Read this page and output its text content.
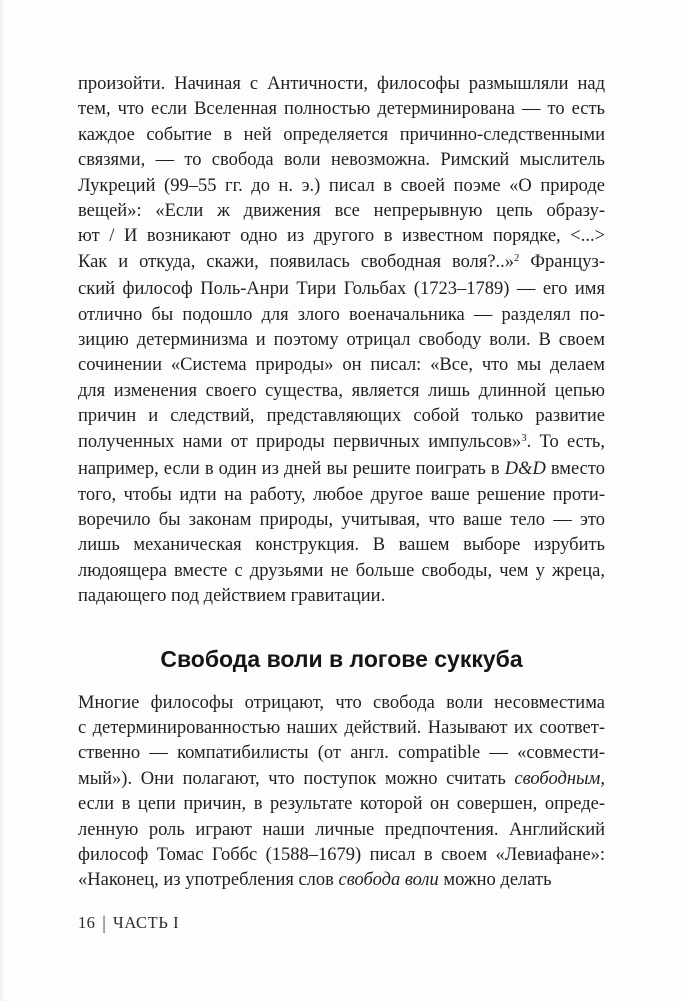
произойти. Начиная с Античности, философы размышляли над
тем, что если Вселенная полностью детерминирована — то есть
каждое событие в ней определяется причинно-следственными
связями, — то свобода воли невозможна. Римский мыслитель
Лукреций (99–55 гг. до н. э.) писал в своей поэме «О природе
вещей»: «Если ж движения все непрерывную цепь образу-
ют / И возникают одно из другого в известном порядке, <...>
Как и откуда, скажи, появилась свободная воля?..»$^2$ Француз-
ский философ Поль-Анри Тири Гольбах (1723–1789) — его имя
отлично бы подошло для злого военачальника — разделял по-
зицию детерминизма и поэтому отрицал свободу воли. В своем
сочинении «Система природы» он писал: «Все, что мы делаем
для изменения своего существа, является лишь длинной цепью
причин и следствий, представляющих собой только развитие
полученных нами от природы первичных импульсов»$^3$. То есть,
например, если в один из дней вы решите поиграть в D&D вместо
того, чтобы идти на работу, любое другое ваше решение проти-
воречило бы законам природы, учитывая, что ваше тело — это
лишь механическая конструкция. В вашем выборе изрубить
людоящера вместе с друзьями не больше свободы, чем у жреца,
падающего под действием гравитации.
Свобода воли в логове суккуба
Многие философы отрицают, что свобода воли несовместима
с детерминированностью наших действий. Называют их соответ-
ственно — компатибилисты (от англ. compatible — «совмести-
мый»). Они полагают, что поступок можно считать свободным,
если в цепи причин, в результате которой он совершен, опреде-
ленную роль играют наши личные предпочтения. Английский
философ Томас Гоббс (1588–1679) писал в своем «Левиафане»:
«Наконец, из употребления слов свобода воли можно делать
16 | ЧАСТЬ I
